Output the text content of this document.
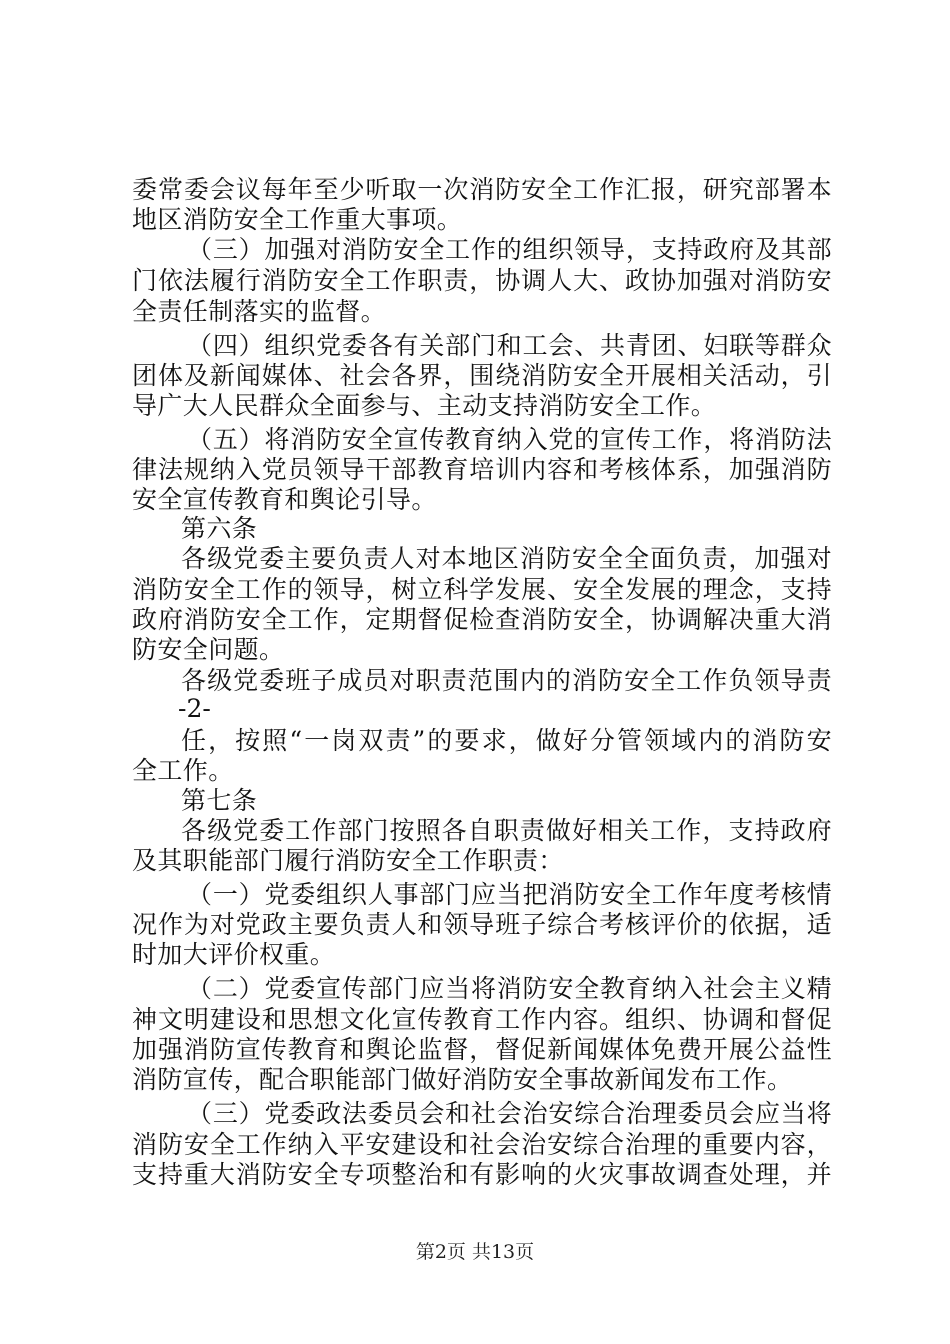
委常委会议每年至少听取一次消防安全工作汇报，研究部署本
地区消防安全工作重大事项。
（三）加强对消防安全工作的组织领导，支持政府及其部
门依法履行消防安全工作职责，协调人大、政协加强对消防安
全责任制落实的监督。
（四）组织党委各有关部门和工会、共青团、妇联等群众
团体及新闻媒体、社会各界，围绕消防安全开展相关活动，引
导广大人民群众全面参与、主动支持消防安全工作。
（五）将消防安全宣传教育纳入党的宣传工作，将消防法
律法规纳入党员领导干部教育培训内容和考核体系，加强消防
安全宣传教育和舆论引导。
第六条
各级党委主要负责人对本地区消防安全全面负责，加强对
消防安全工作的领导，树立科学发展、安全发展的理念，支持
政府消防安全工作，定期督促检查消防安全，协调解决重大消
防安全问题。
各级党委班子成员对职责范围内的消防安全工作负领导责
-2-
任，按照“一岗双责”的要求，做好分管领域内的消防安
全工作。
第七条
各级党委工作部门按照各自职责做好相关工作，支持政府
及其职能部门履行消防安全工作职责：
（一）党委组织人事部门应当把消防安全工作年度考核情
况作为对党政主要负责人和领导班子综合考核评价的依据，适
时加大评价权重。
（二）党委宣传部门应当将消防安全教育纳入社会主义精
神文明建设和思想文化宣传教育工作内容。组织、协调和督促
加强消防宣传教育和舆论监督，督促新闻媒体免费开展公益性
消防宣传，配合职能部门做好消防安全事故新闻发布工作。
（三）党委政法委员会和社会治安综合治理委员会应当将
消防安全工作纳入平安建设和社会治安综合治理的重要内容，
支持重大消防安全专项整治和有影响的火灾事故调查处理，并
第2页 共13页
